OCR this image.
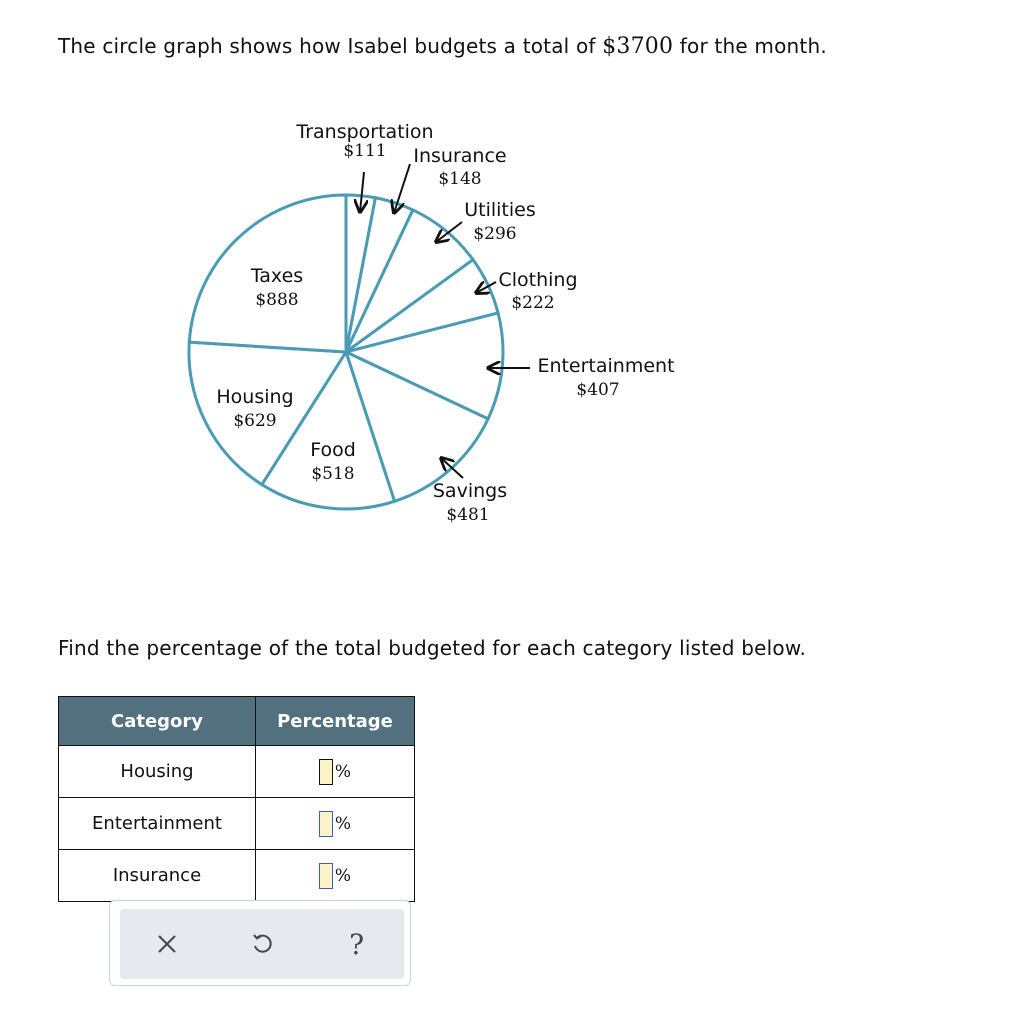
The circle graph shows how Isabel budgets a total of $3700 for the month.
Transportation
$111 Insurance
$148
Utilities
$296
Clothing
$222
Entertainment
$407
Savings
$481
Food
$518
Housing
$629
Taxes
$888
Find the percentage of the total budgeted for each category listed below.
Category	Percentage
Housing	%

Entertainment	%

Insurance	%
?
